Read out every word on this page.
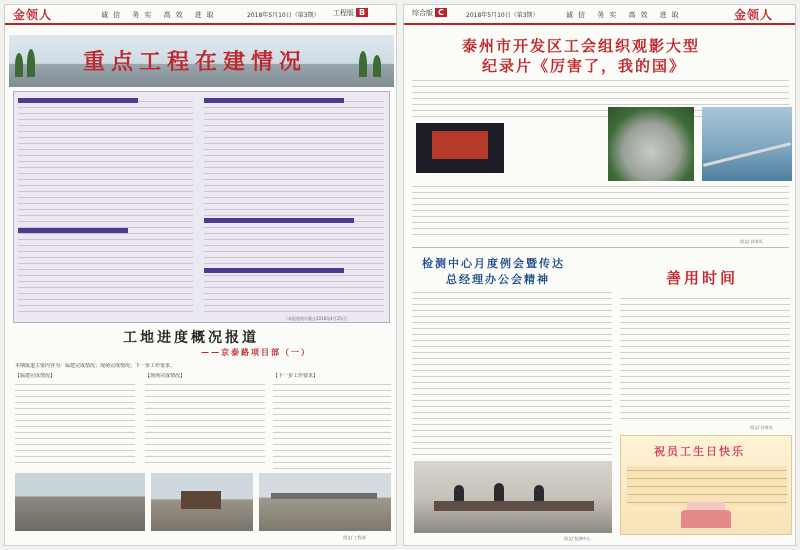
金领人	诚信 务实 高效 进取	2018年5月10日（第3期） 工程版 B
重点工程在建情况
（本报道统计截止2018年4月25日）
工地进度概况报道
——京泰路项目部（一）
本期报道主要内容为：临建完成情况；现场完成情况；下一步工作要求。
【临建完成情况】	【现场完成情况】	【下一步工作要求】
图文/ 工程部
综合版 C	2018年5月10日（第3期）	诚信 务实 高效 进取	金领人
泰州市开发区工会组织观影大型
纪录片《厉害了，我的国》
图文/ 孙秀凤
检测中心月度例会暨传达
总经理办公会精神
图文/ 检测中心
善用时间
图文/ 孙秀凤
祝员工生日快乐
